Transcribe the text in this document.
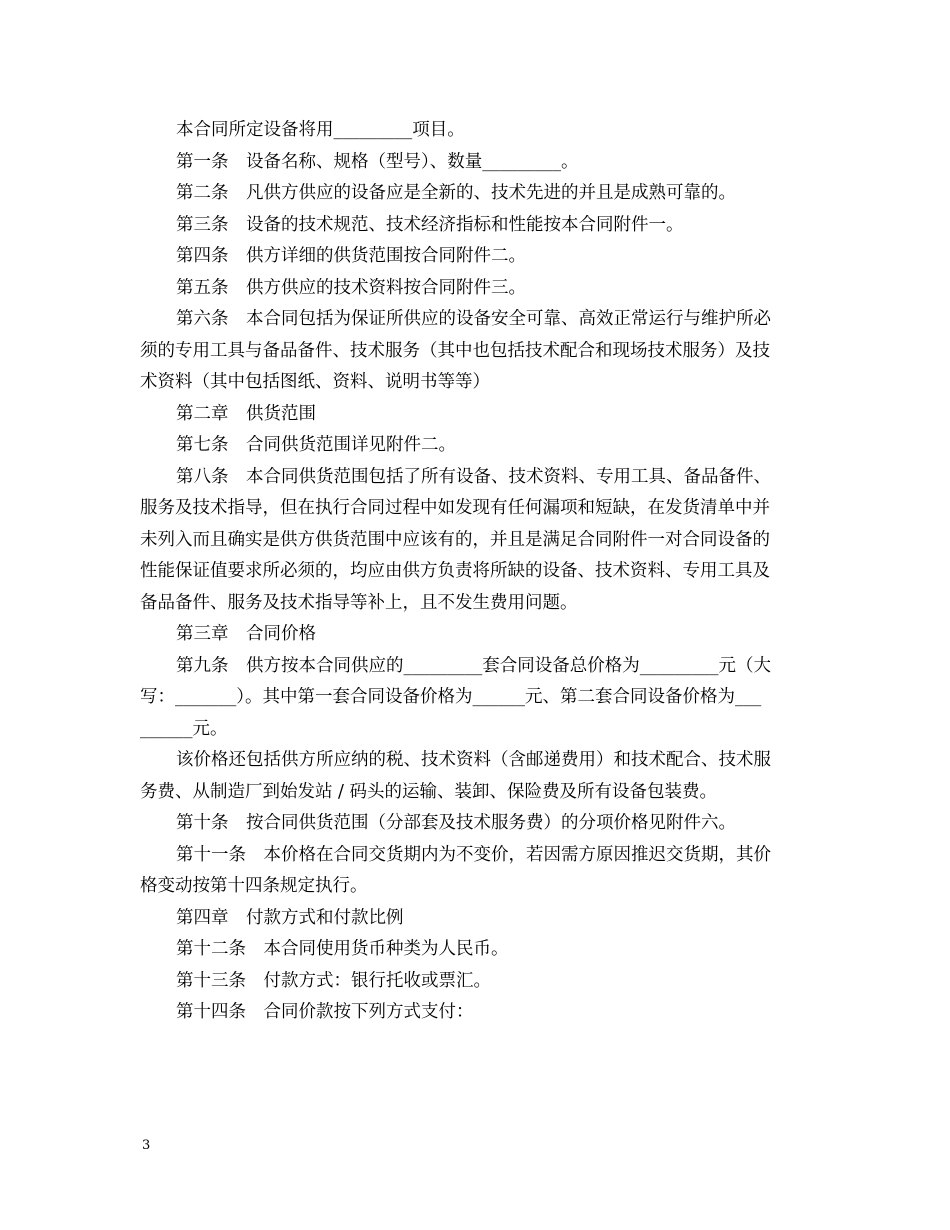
本合同所定设备将用_________项目。
第一条　设备名称、规格（型号）、数量_________。
第二条　凡供方供应的设备应是全新的、技术先进的并且是成熟可靠的。
第三条　设备的技术规范、技术经济指标和性能按本合同附件一。
第四条　供方详细的供货范围按合同附件二。
第五条　供方供应的技术资料按合同附件三。
第六条　本合同包括为保证所供应的设备安全可靠、高效正常运行与维护所必
须的专用工具与备品备件、技术服务（其中也包括技术配合和现场技术服务）及技
术资料（其中包括图纸、资料、说明书等等）
第二章　供货范围
第七条　合同供货范围详见附件二。
第八条　本合同供货范围包括了所有设备、技术资料、专用工具、备品备件、
服务及技术指导，但在执行合同过程中如发现有任何漏项和短缺，在发货清单中并
未列入而且确实是供方供货范围中应该有的，并且是满足合同附件一对合同设备的
性能保证值要求所必须的，均应由供方负责将所缺的设备、技术资料、专用工具及
备品备件、服务及技术指导等补上，且不发生费用问题。
第三章　合同价格
第九条　供方按本合同供应的_________套合同设备总价格为_________元（大
写：_______）。其中第一套合同设备价格为______元、第二套合同设备价格为___
______元。
该价格还包括供方所应纳的税、技术资料（含邮递费用）和技术配合、技术服
务费、从制造厂到始发站 / 码头的运输、装卸、保险费及所有设备包装费。
第十条　按合同供货范围（分部套及技术服务费）的分项价格见附件六。
第十一条　本价格在合同交货期内为不变价，若因需方原因推迟交货期，其价
格变动按第十四条规定执行。
第四章　付款方式和付款比例
第十二条　本合同使用货币种类为人民币。
第十三条　付款方式：银行托收或票汇。
第十四条　合同价款按下列方式支付：
3
